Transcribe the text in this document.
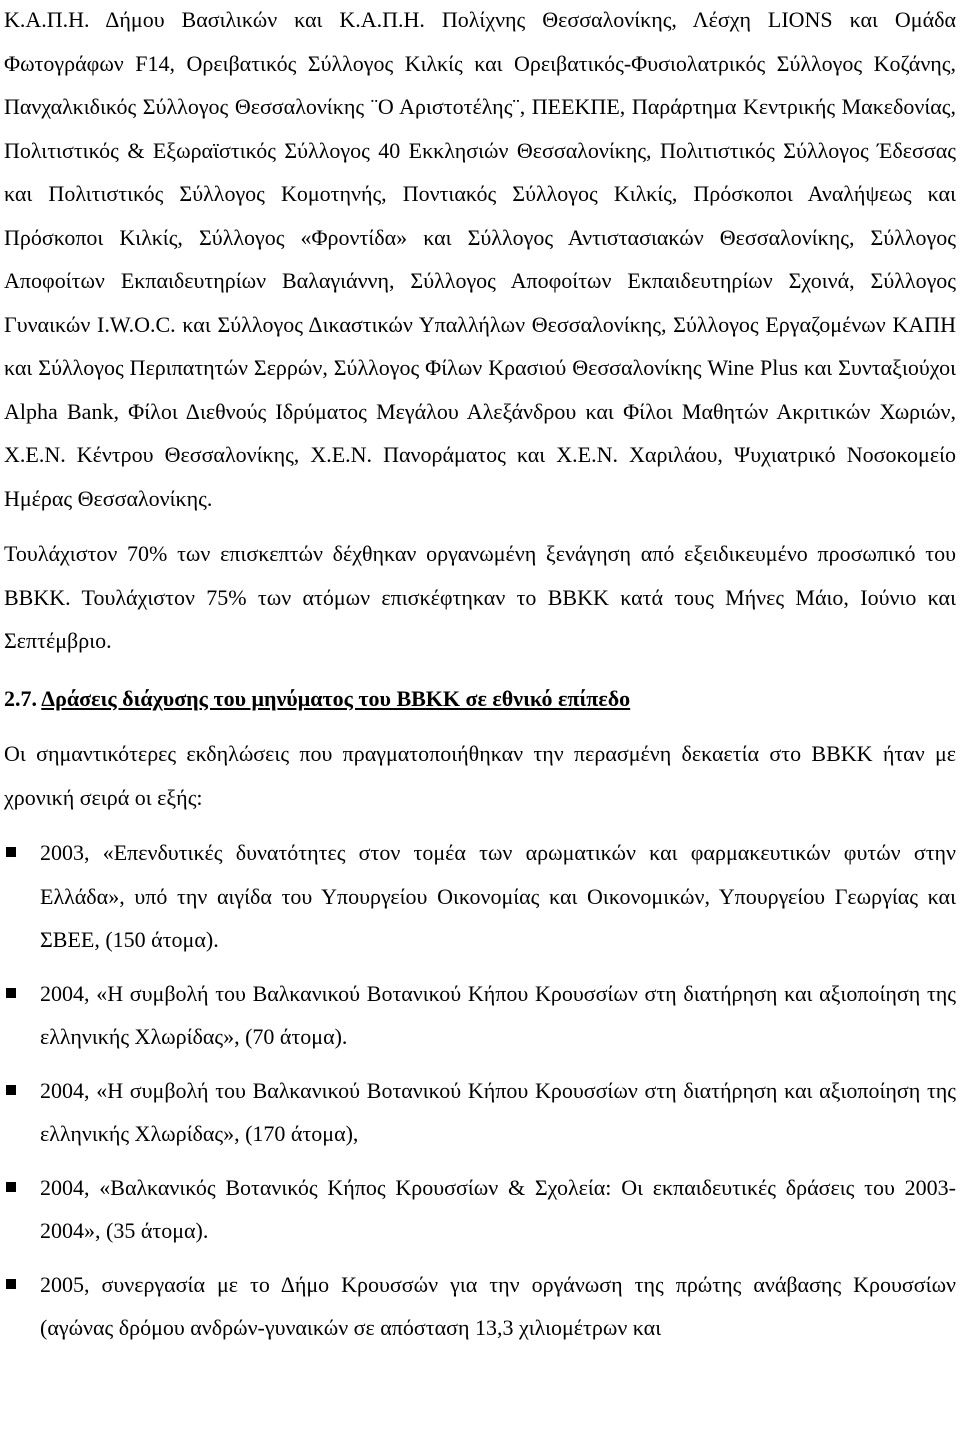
Κ.Α.Π.Η. Δήμου Βασιλικών και Κ.Α.Π.Η. Πολίχνης Θεσσαλονίκης, Λέσχη LIONS και Ομάδα Φωτογράφων F14, Ορειβατικός Σύλλογος Κιλκίς και Ορειβατικός-Φυσιολατρικός Σύλλογος Κοζάνης, Πανχαλκιδικός Σύλλογος Θεσσαλονίκης ¨Ο Αριστοτέλης¨, ΠΕΕΚΠΕ, Παράρτημα Κεντρικής Μακεδονίας, Πολιτιστικός & Εξωραϊστικός Σύλλογος 40 Εκκλησιών Θεσσαλονίκης, Πολιτιστικός Σύλλογος Έδεσσας και Πολιτιστικός Σύλλογος Κομοτηνής, Ποντιακός Σύλλογος Κιλκίς, Πρόσκοποι Αναλήψεως και Πρόσκοποι Κιλκίς, Σύλλογος «Φροντίδα» και Σύλλογος Αντιστασιακών Θεσσαλονίκης, Σύλλογος Αποφοίτων Εκπαιδευτηρίων Βαλαγιάννη, Σύλλογος Αποφοίτων Εκπαιδευτηρίων Σχοινά, Σύλλογος Γυναικών I.W.O.C. και Σύλλογος Δικαστικών Υπαλλήλων Θεσσαλονίκης, Σύλλογος Εργαζομένων ΚΑΠΗ και Σύλλογος Περιπατητών Σερρών, Σύλλογος Φίλων Κρασιού Θεσσαλονίκης Wine Plus και Συνταξιούχοι Alpha Bank, Φίλοι Διεθνούς Ιδρύματος Μεγάλου Αλεξάνδρου και Φίλοι Μαθητών Ακριτικών Χωριών, Χ.Ε.Ν. Κέντρου Θεσσαλονίκης, Χ.Ε.Ν. Πανοράματος και Χ.Ε.Ν. Χαριλάου, Ψυχιατρικό Νοσοκομείο Ημέρας Θεσσαλονίκης.

Τουλάχιστον 70% των επισκεπτών δέχθηκαν οργανωμένη ξενάγηση από εξειδικευμένο προσωπικό του ΒΒΚΚ. Τουλάχιστον 75% των ατόμων επισκέφτηκαν το ΒΒΚΚ κατά τους Μήνες Μάιο, Ιούνιο και Σεπτέμβριο.

2.7. Δράσεις διάχυσης του μηνύματος του ΒΒΚΚ σε εθνικό επίπεδο

Οι σημαντικότερες εκδηλώσεις που πραγματοποιήθηκαν την περασμένη δεκαετία στο ΒΒΚΚ ήταν με χρονική σειρά οι εξής:

2003, «Επενδυτικές δυνατότητες στον τομέα των αρωματικών και φαρμακευτικών φυτών στην Ελλάδα», υπό την αιγίδα του Υπουργείου Οικονομίας και Οικονομικών, Υπουργείου Γεωργίας και ΣΒΕΕ, (150 άτομα).
2004, «Η συμβολή του Βαλκανικού Βοτανικού Κήπου Κρουσσίων στη διατήρηση και αξιοποίηση της ελληνικής Χλωρίδας», (70 άτομα).
2004, «Η συμβολή του Βαλκανικού Βοτανικού Κήπου Κρουσσίων στη διατήρηση και αξιοποίηση της ελληνικής Χλωρίδας», (170 άτομα),
2004, «Βαλκανικός Βοτανικός Κήπος Κρουσσίων & Σχολεία: Οι εκπαιδευτικές δράσεις του 2003-2004», (35 άτομα).
2005, συνεργασία με το Δήμο Κρουσσών για την οργάνωση της πρώτης ανάβασης Κρουσσίων (αγώνας δρόμου ανδρών-γυναικών σε απόσταση 13,3 χιλιομέτρων και
